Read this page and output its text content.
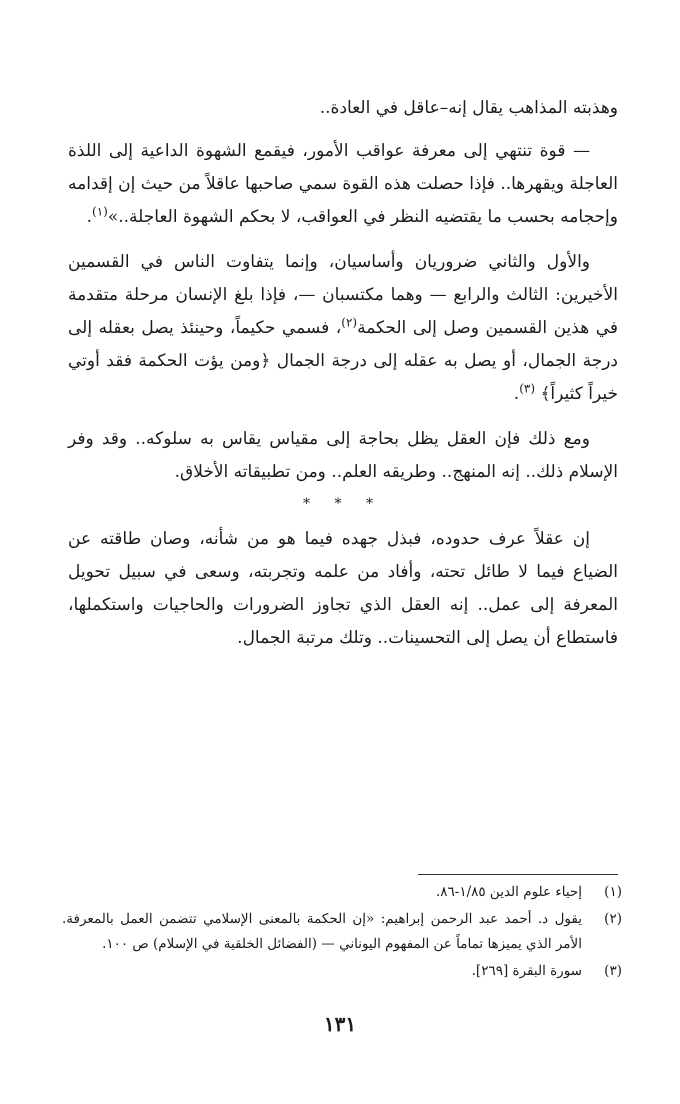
وهذبته المذاهب يقال إنه–عاقل في العادة..

— قوة تنتهي إلى معرفة عواقب الأمور، فيقمع الشهوة الداعية إلى اللذة العاجلة ويقهرها.. فإذا حصلت هذه القوة سمي صاحبها عاقلاً من حيث إن إقدامه وإحجامه بحسب ما يقتضيه النظر في العواقب، لا بحكم الشهوة العاجلة..»$^{(١)}$.

والأول والثاني ضروريان وأساسيان، وإنما يتفاوت الناس في القسمين الأخيرين: الثالث والرابع — وهما مكتسبان —، فإذا بلغ الإنسان مرحلة متقدمة في هذين القسمين وصل إلى الحكمة$^{(٢)}$، فسمي حكيماً، وحينئذ يصل بعقله إلى درجة الجمال، أو يصل به عقله إلى درجة الجمال ﴿ومن يؤت الحكمة فقد أوتي خيراً كثيراً﴾ $^{(٣)}$.

ومع ذلك فإن العقل يظل بحاجة إلى مقياس يقاس به سلوكه.. وقد وفر الإسلام ذلك.. إنه المنهج.. وطريقه العلم.. ومن تطبيقاته الأخلاق.

* * *

إن عقلاً عرف حدوده، فبذل جهده فيما هو من شأنه، وصان طاقته عن الضياع فيما لا طائل تحته، وأفاد من علمه وتجربته، وسعى في سبيل تحويل المعرفة إلى عمل.. إنه العقل الذي تجاوز الضرورات والحاجيات واستكملها، فاستطاع أن يصل إلى التحسينات.. وتلك مرتبة الجمال.

(١)
إحياء علوم الدين ١/٨٥-٨٦.
(٢)
يقول د. أحمد عبد الرحمن إبراهيم: «إن الحكمة بالمعنى الإسلامي تتضمن العمل بالمعرفة. الأمر الذي يميزها تماماً عن المفهوم اليوناني — (الفضائل الخلقية في الإسلام) ص ١٠٠.
(٣)
سورة البقرة [٢٦٩].
١٣١
